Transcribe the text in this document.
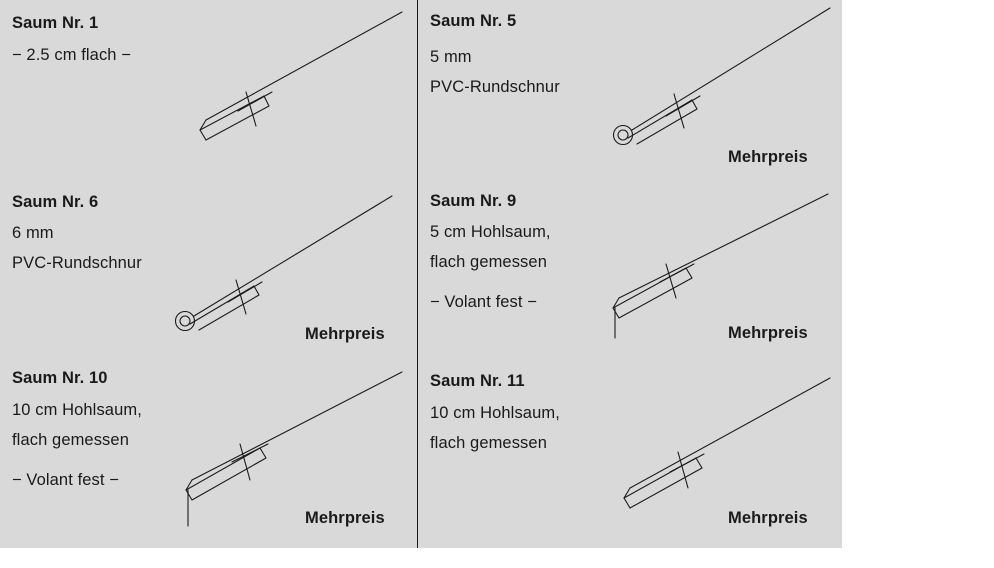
Saum Nr. 1
− 2.5 cm flach −
Saum Nr. 5
5 mm
PVC-Rundschnur
Mehrpreis
Saum Nr. 6
6 mm
PVC-Rundschnur
Mehrpreis
Saum Nr. 9
5 cm Hohlsaum,
flach gemessen
− Volant fest −
Mehrpreis
Saum Nr. 10
10 cm Hohlsaum,
flach gemessen
− Volant fest −
Mehrpreis
Saum Nr. 11
10 cm Hohlsaum,
flach gemessen
Mehrpreis
